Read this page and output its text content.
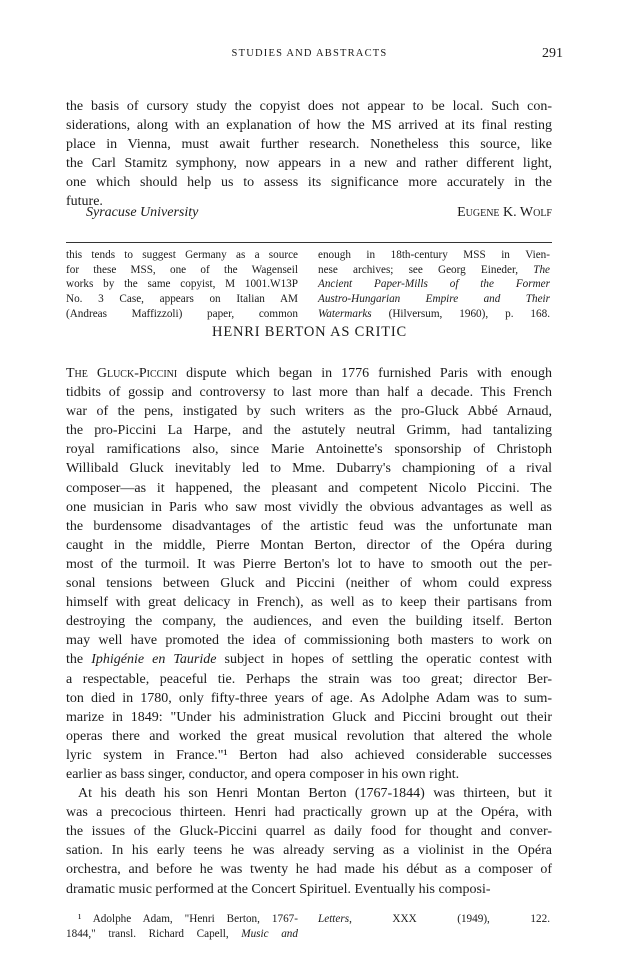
STUDIES AND ABSTRACTS	291
the basis of cursory study the copyist does not appear to be local. Such con-
siderations, along with an explanation of how the MS arrived at its final resting
place in Vienna, must await further research. Nonetheless this source, like
the Carl Stamitz symphony, now appears in a new and rather different light,
one which should help us to assess its significance more accurately in the
future.
Syracuse University	Eugene K. Wolf
this tends to suggest Germany as a source
for these MSS, one of the Wagenseil
works by the same copyist, M 1001.W13P
No. 3 Case, appears on Italian AM
(Andreas Maffizzoli) paper, common
enough in 18th-century MSS in Vien-
nese archives; see Georg Eineder, The
Ancient Paper-Mills of the Former
Austro-Hungarian Empire and Their
Watermarks (Hilversum, 1960), p. 168.
HENRI BERTON AS CRITIC
The Gluck-Piccini dispute which began in 1776 furnished Paris with enough
tidbits of gossip and controversy to last more than half a decade. This French
war of the pens, instigated by such writers as the pro-Gluck Abbé Arnaud,
the pro-Piccini La Harpe, and the astutely neutral Grimm, had tantalizing
royal ramifications also, since Marie Antoinette's sponsorship of Christoph
Willibald Gluck inevitably led to Mme. Dubarry's championing of a rival
composer—as it happened, the pleasant and competent Nicolo Piccini. The
one musician in Paris who saw most vividly the obvious advantages as well as
the burdensome disadvantages of the artistic feud was the unfortunate man
caught in the middle, Pierre Montan Berton, director of the Opéra during
most of the turmoil. It was Pierre Berton's lot to have to smooth out the per-
sonal tensions between Gluck and Piccini (neither of whom could express
himself with great delicacy in French), as well as to keep their partisans from
destroying the company, the audiences, and even the building itself. Berton
may well have promoted the idea of commissioning both masters to work on
the Iphigénie en Tauride subject in hopes of settling the operatic contest with
a respectable, peaceful tie. Perhaps the strain was too great; director Ber-
ton died in 1780, only fifty-three years of age. As Adolphe Adam was to sum-
marize in 1849: "Under his administration Gluck and Piccini brought out their
operas there and worked the great musical revolution that altered the whole
lyric system in France."¹ Berton had also achieved considerable successes
earlier as bass singer, conductor, and opera composer in his own right.
At his death his son Henri Montan Berton (1767-1844) was thirteen, but it
was a precocious thirteen. Henri had practically grown up at the Opéra, with
the issues of the Gluck-Piccini quarrel as daily food for thought and conver-
sation. In his early teens he was already serving as a violinist in the Opéra
orchestra, and before he was twenty he had made his début as a composer of
dramatic music performed at the Concert Spirituel. Eventually his composi-
¹ Adolphe Adam, "Henri Berton, 1767-
1844," transl. Richard Capell, Music and
Letters, XXX (1949), 122.
